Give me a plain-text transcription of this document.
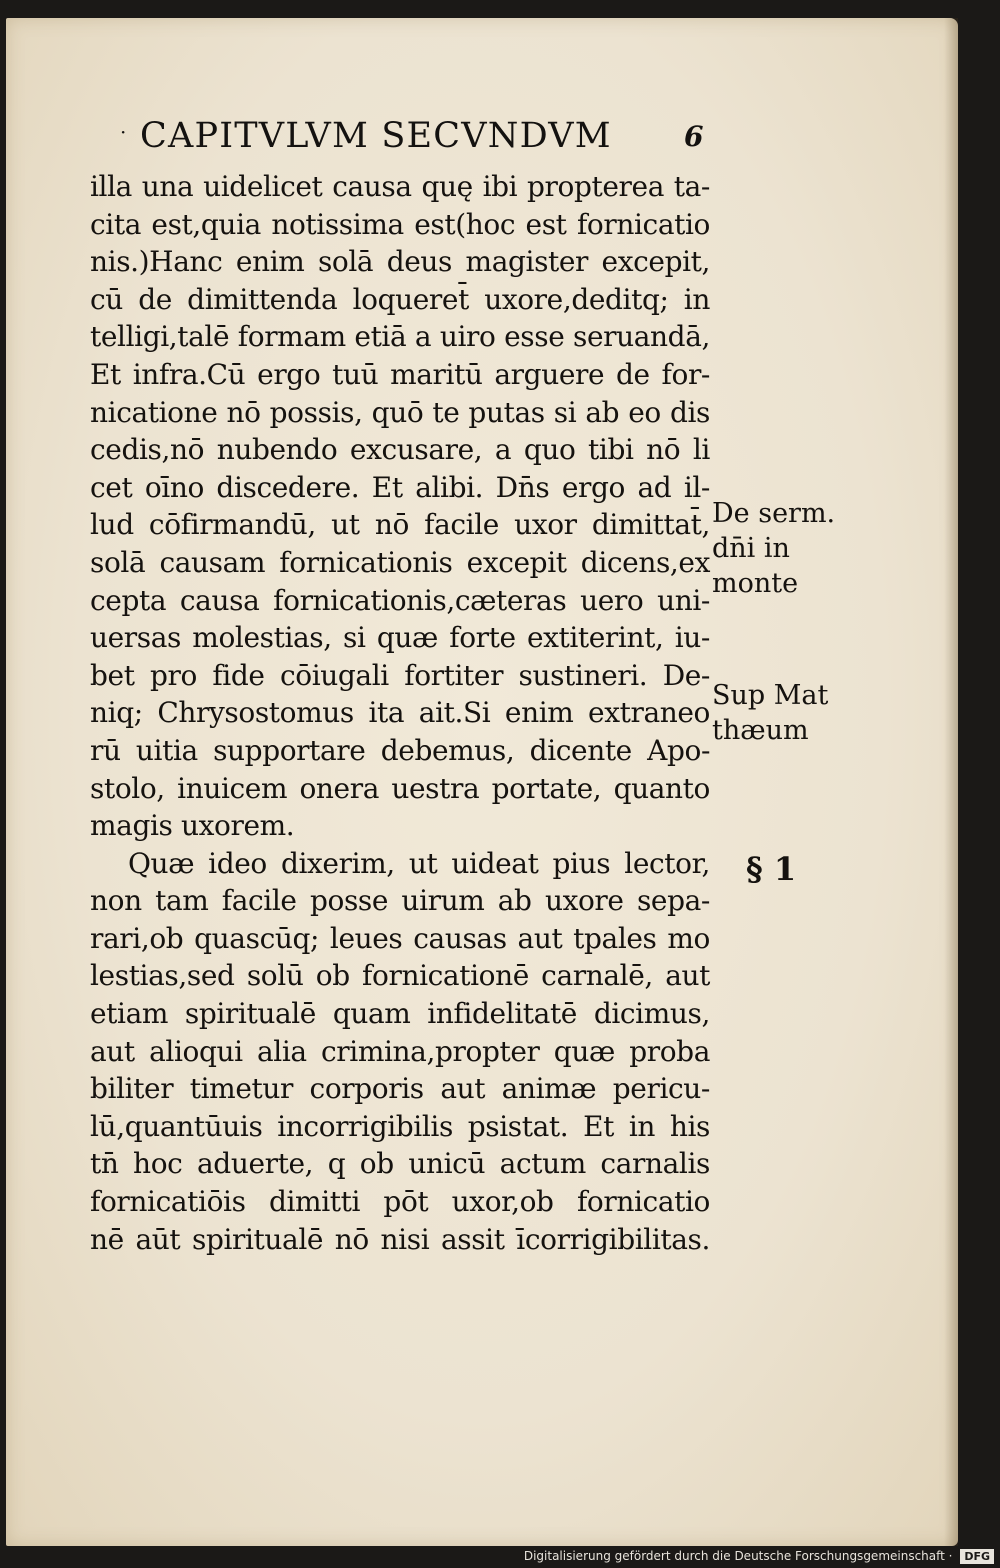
· CAPITVLVM SECVNDVM	6
illa una uidelicet causa quę ibi propterea ta-
cita est,quia notissima est(hoc est fornicatio
nis.)Hanc enim solā deus magister excepit,
cū de dimittenda loqueret̄ uxore,deditq; in
telligi,talē formam etiā a uiro esse seruandā,
Et infra.Cū ergo tuū maritū arguere de for-
nicatione nō possis, quō te putas si ab eo dis
cedis,nō nubendo excusare, a quo tibi nō li
cet oīno discedere. Et alibi. Dn̄s ergo ad il-
lud cōfirmandū, ut nō facile uxor dimittat̄,
solā causam fornicationis excepit dicens,ex
cepta causa fornicationis,cæteras uero uni-
uersas molestias, si quæ forte extiterint, iu-
bet pro fide cōiugali fortiter sustineri. De-
niq; Chrysostomus ita ait.Si enim extraneo
rū uitia supportare debemus, dicente Apo-
stolo, inuicem onera uestra portate, quanto
magis uxorem.
Quæ ideo dixerim, ut uideat pius lector,
non tam facile posse uirum ab uxore sepa-
rari,ob quascūq; leues causas aut tpales mo
lestias,sed solū ob fornicationē carnalē, aut
etiam spiritualē quam infidelitatē dicimus,
aut alioqui alia crimina,propter quæ proba
biliter timetur corporis aut animæ pericu-
lū,quantūuis incorrigibilis psistat. Et in his
tn̄ hoc aduerte, q ob unicū actum carnalis
fornicatiōis dimitti pōt uxor,ob fornicatio
nē aūt spiritualē nō nisi assit īcorrigibilitas.
De serm.
dn̄i in
monte
Sup Mat
thæum
§ 1
Digitalisierung gefördert durch die Deutsche Forschungsgemeinschaft · DFG
